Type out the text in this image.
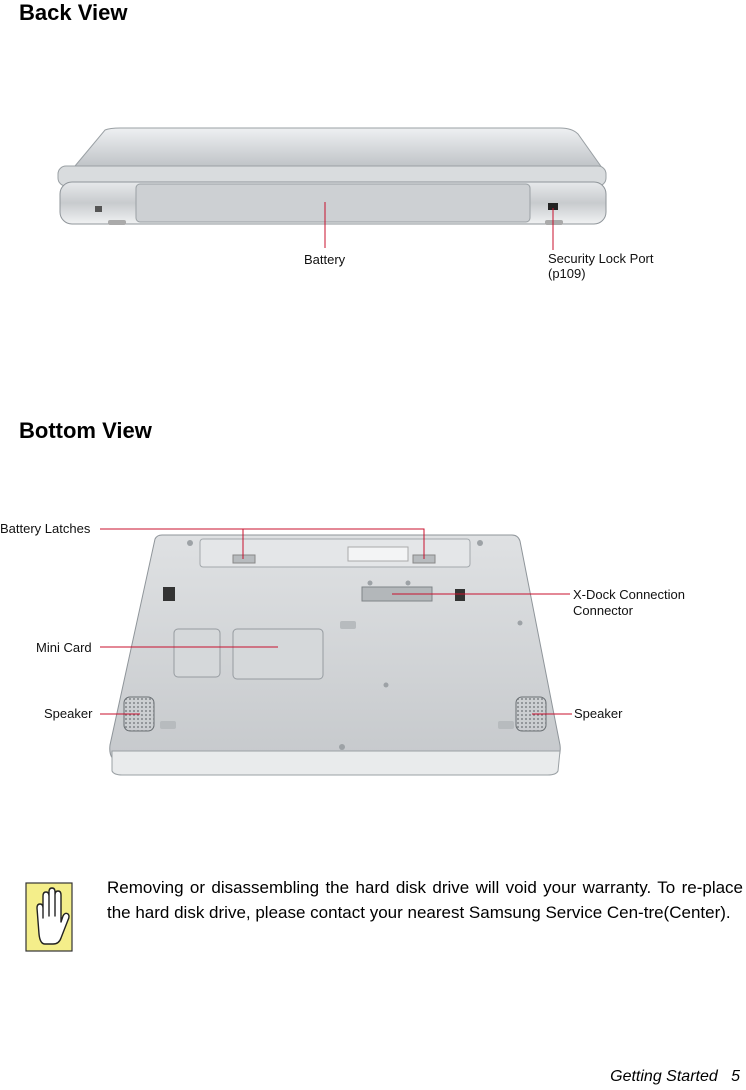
Back View
Battery	Security Lock Port
(p109)
Bottom View
Battery Latches
X-Dock Connection
Connector
Mini Card
Speaker	Speaker
Removing or disassembling the hard disk drive will void your warranty. To re-place the hard disk drive, please contact your nearest Samsung Service Cen-tre(Center).
Getting Started   5
